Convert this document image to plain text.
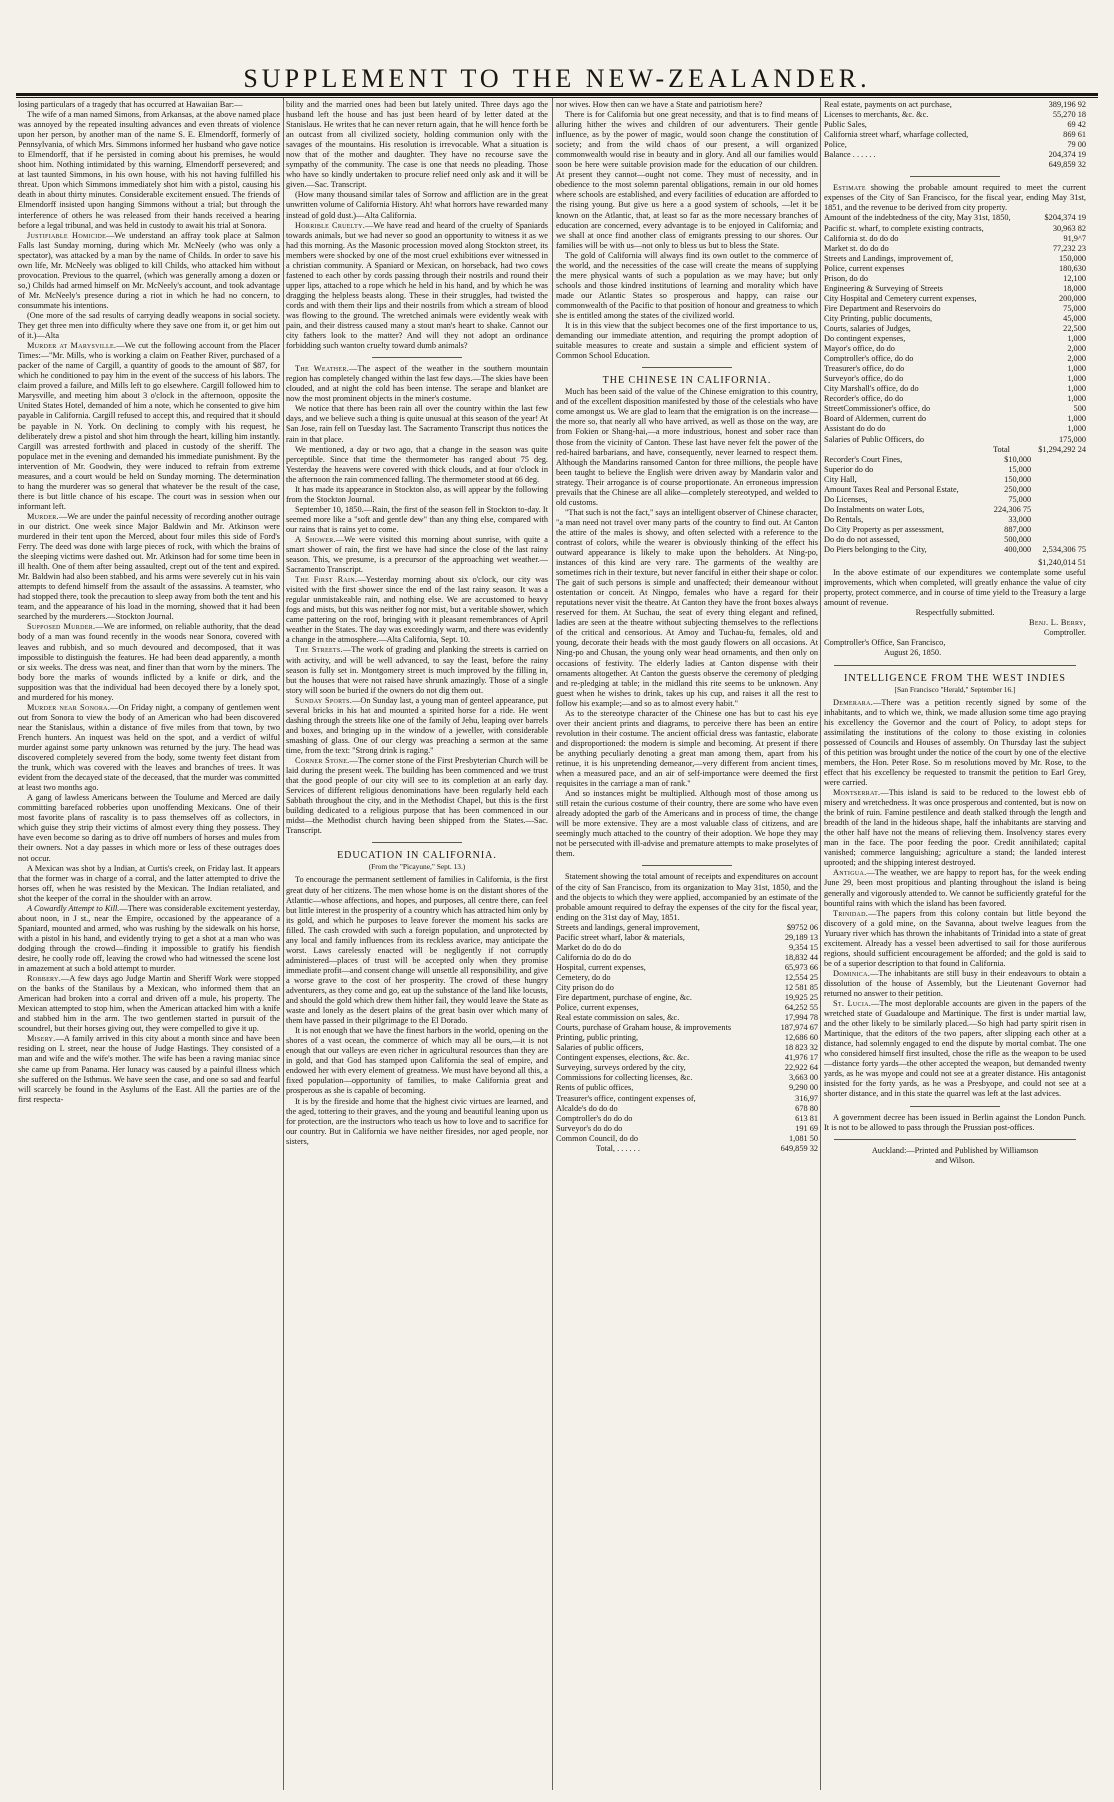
SUPPLEMENT TO THE NEW-ZEALANDER.

losing particulars of a tragedy that has occurred at Hawaiian Bar:—

The wife of a man named Simons, from Arkansas, at the above named place was annoyed by the repeated insulting advances and even threats of violence upon her person, by another man of the name S. E. Elmendorff, formerly of Pennsylvania, of which Mrs. Simmons informed her husband who gave notice to Elmendorff, that if he persisted in coming about his premises, he would shoot him. Nothing intimidated by this warning, Elmendorff persevered; and at last taunted Simmons, in his own house, with his not having fulfilled his threat. Upon which Simmons immediately shot him with a pistol, causing his death in about thirty minutes. Considerable excitement ensued. The friends of Elmendorff insisted upon hanging Simmons without a trial; but through the interference of others he was released from their hands received a hearing before a legal tribunal, and was held in custody to await his trial at Sonora.

Justifiable Homicide—We understand an affray took place at Salmon Falls last Sunday morning, during which Mr. McNeely (who was only a spectator), was attacked by a man by the name of Childs. In order to save his own life, Mr. McNeely was obliged to kill Childs, who attacked him without provocation. Previous to the quarrel, (which was generally among a dozen or so,) Childs had armed himself on Mr. McNeely's account, and took advantage of Mr. McNeely's presence during a riot in which he had no concern, to consummate his intentions.

(One more of the sad results of carrying deadly weapons in social society. They get three men into difficulty where they save one from it, or get him out of it.)—Alta

Murder at Marysville.—We cut the following account from the Placer Times:—"Mr. Mills, who is working a claim on Feather River, purchased of a packer of the name of Cargill, a quantity of goods to the amount of $87, for which he conditioned to pay him in the event of the success of his labors. The claim proved a failure, and Mills left to go elsewhere. Cargill followed him to Marysville, and meeting him about 3 o'clock in the afternoon, opposite the United States Hotel, demanded of him a note, which he consented to give him payable in California. Cargill refused to accept this, and required that it should be payable in N. York. On declining to comply with his request, he deliberately drew a pistol and shot him through the heart, killing him instantly. Cargill was arrested forthwith and placed in custody of the sheriff. The populace met in the evening and demanded his immediate punishment. By the intervention of Mr. Goodwin, they were induced to refrain from extreme measures, and a court would be held on Sunday morning. The determination to hang the murderer was so general that whatever be the result of the case, there is but little chance of his escape. The court was in session when our informant left.

Murder.—We are under the painful necessity of recording another outrage in our district. One week since Major Baldwin and Mr. Atkinson were murdered in their tent upon the Merced, about four miles this side of Ford's Ferry. The deed was done with large pieces of rock, with which the brains of the sleeping victims were dashed out. Mr. Atkinson had for some time been in ill health. One of them after being assaulted, crept out of the tent and expired. Mr. Baldwin had also been stabbed, and his arms were severely cut in his vain attempts to defend himself from the assault of the assassins. A teamster, who had stopped there, took the precaution to sleep away from both the tent and his team, and the appearance of his load in the morning, showed that it had been searched by the murderers.—Stockton Journal.

Supposed Murder.—We are informed, on reliable authority, that the dead body of a man was found recently in the woods near Sonora, covered with leaves and rubbish, and so much devoured and decomposed, that it was impossible to distinguish the features. He had been dead apparently, a month or six weeks. The dress was neat, and finer than that worn by the miners. The body bore the marks of wounds inflicted by a knife or dirk, and the supposition was that the individual had been decoyed there by a lonely spot, and murdered for his money.

Murder near Sonora.—On Friday night, a company of gentlemen went out from Sonora to view the body of an American who had been discovered near the Stanislaus, within a distance of five miles from that town, by two French hunters. An inquest was held on the spot, and a verdict of wilful murder against some party unknown was returned by the jury. The head was discovered completely severed from the body, some twenty feet distant from the trunk, which was covered with the leaves and branches of trees. It was evident from the decayed state of the deceased, that the murder was committed at least two months ago.

A gang of lawless Americans between the Toulume and Merced are daily committing barefaced robberies upon unoffending Mexicans. One of their most favorite plans of rascality is to pass themselves off as collectors, in which guise they strip their victims of almost every thing they possess. They have even become so daring as to drive off numbers of horses and mules from their owners. Not a day passes in which more or less of these outrages does not occur.

A Mexican was shot by a Indian, at Curtis's creek, on Friday last. It appears that the former was in charge of a corral, and the latter attempted to drive the horses off, when he was resisted by the Mexican. The Indian retaliated, and shot the keeper of the corral in the shoulder with an arrow.

A Cowardly Attempt to Kill.—There was considerable excitement yesterday, about noon, in J st., near the Empire, occasioned by the appearance of a Spaniard, mounted and armed, who was rushing by the sidewalk on his horse, with a pistol in his hand, and evidently trying to get a shot at a man who was dodging through the crowd—finding it impossible to gratify his fiendish desire, he coolly rode off, leaving the crowd who had witnessed the scene lost in amazement at such a bold attempt to murder.

Robbery.—A few days ago Judge Martin and Sheriff Work were stopped on the banks of the Stanilaus by a Mexican, who informed them that an American had broken into a corral and driven off a mule, his property. The Mexican attempted to stop him, when the American attacked him with a knife and stabbed him in the arm. The two gentlemen started in pursuit of the scoundrel, but their horses giving out, they were compelled to give it up.

Misery.—A family arrived in this city about a month since and have been residing on L street, near the house of Judge Hastings. They consisted of a man and wife and the wife's mother. The wife has been a raving maniac since she came up from Panama. Her lunacy was caused by a painful illness which she suffered on the Isthmus. We have seen the case, and one so sad and fearful will scarcely be found in the Asylums of the East. All the parties are of the first respecta-

bility and the married ones had been but lately united. Three days ago the husband left the house and has just been heard of by letter dated at the Stanislaus. He writes that he can never return again, that he will hence forth be an outcast from all civilized society, holding communion only with the savages of the mountains. His resolution is irrevocable. What a situation is now that of the mother and daughter. They have no recourse save the sympathy of the community. The case is one that needs no pleading. Those who have so kindly undertaken to procure relief need only ask and it will be given.—Sac. Transcript.

(How many thousand similar tales of Sorrow and affliction are in the great unwritten volume of California History. Ah! what horrors have rewarded many instead of gold dust.)—Alta California.

Horrible Cruelty.—We have read and heard of the cruelty of Spaniards towards animals, but we had never so good an opportunity to witness it as we had this morning. As the Masonic procession moved along Stockton street, its members were shocked by one of the most cruel exhibitions ever witnessed in a christian community. A Spaniard or Mexican, on horseback, had two cows fastened to each other by cords passing through their nostrils and round their upper lips, attached to a rope which he held in his hand, and by which he was dragging the helpless beasts along. These in their struggles, had twisted the cords and with them their lips and their nostrils from which a stream of blood was flowing to the ground. The wretched animals were evidently weak with pain, and their distress caused many a stout man's heart to shake. Cannot our city fathers look to the matter? And will they not adopt an ordinance forbidding such wanton cruelty toward dumb animals?

The Weather.—The aspect of the weather in the southern mountain region has completely changed within the last few days.—The skies have been clouded, and at night the cold has been intense. The serape and blanket are now the most prominent objects in the miner's costume.

We notice that there has been rain all over the country within the last few days, and we believe such a thing is quite unusual at this season of the year! At San Jose, rain fell on Tuesday last. The Sacramento Transcript thus notices the rain in that place.

We mentioned, a day or two ago, that a change in the season was quite perceptible. Since that time the thermometer has ranged about 75 deg. Yesterday the heavens were covered with thick clouds, and at four o'clock in the afternoon the rain commenced falling. The thermometer stood at 66 deg.

It has made its appearance in Stockton also, as will appear by the following from the Stockton Journal.

September 10, 1850.—Rain, the first of the season fell in Stockton to-day. It seemed more like a "soft and gentle dew" than any thing else, compared with our rains that is rains yet to come.

A Shower.—We were visited this morning about sunrise, with quite a smart shower of rain, the first we have had since the close of the last rainy season. This, we presume, is a precursor of the approaching wet weather.—Sacramento Transcript.

The First Rain.—Yesterday morning about six o'clock, our city was visited with the first shower since the end of the last rainy season. It was a regular unmistakeable rain, and nothing else. We are accustomed to heavy fogs and mists, but this was neither fog nor mist, but a veritable shower, which came pattering on the roof, bringing with it pleasant remembrances of April weather in the States. The day was exceedingly warm, and there was evidently a change in the atmosphere.—Alta California, Sept. 10.

The Streets.—The work of grading and planking the streets is carried on with activity, and will be well advanced, to say the least, before the rainy season is fully set in. Montgomery street is much improved by the filling in, but the houses that were not raised have shrunk amazingly. Those of a single story will soon be buried if the owners do not dig them out.

Sunday Sports.—On Sunday last, a young man of genteel appearance, put several bricks in his hat and mounted a spirited horse for a ride. He went dashing through the streets like one of the family of Jehu, leaping over barrels and boxes, and bringing up in the window of a jeweller, with considerable smashing of glass. One of our clergy was preaching a sermon at the same time, from the text: "Strong drink is raging."

Corner Stone.—The corner stone of the First Presbyterian Church will be laid during the present week. The building has been commenced and we trust that the good people of our city will see to its completion at an early day. Services of different religious denominations have been regularly held each Sabbath throughout the city, and in the Methodist Chapel, but this is the first building dedicated to a religious purpose that has been commenced in our midst—the Methodist church having been shipped from the States.—Sac. Transcript.

EDUCATION IN CALIFORNIA.
(From the "Picayune," Sept. 13.)

To encourage the permanent settlement of families in California, is the first great duty of her citizens. The men whose home is on the distant shores of the Atlantic—whose affections, and hopes, and purposes, all centre there, can feel but little interest in the prosperity of a country which has attracted him only by its gold, and which he purposes to leave forever the moment his sacks are filled. The cash crowded with such a foreign population, and unprotected by any local and family influences from its reckless avarice, may anticipate the worst. Laws carelessly enacted will be negligently if not corruptly administered—places of trust will be accepted only when they promise immediate profit—and consent change will unsettle all responsibility, and give a worse grave to the cost of her prosperity. The crowd of these hungry adventurers, as they come and go, eat up the substance of the land like locusts, and should the gold which drew them hither fail, they would leave the State as waste and lonely as the desert plains of the great basin over which many of them have passed in their pilgrimage to the El Dorado.

It is not enough that we have the finest harbors in the world, opening on the shores of a vast ocean, the commerce of which may all be ours,—it is not enough that our valleys are even richer in agricultural resources than they are in gold, and that God has stamped upon California the seal of empire, and endowed her with every element of greatness. We must have beyond all this, a fixed population—opportunity of families, to make California great and prosperous as she is capable of becoming.

It is by the fireside and home that the highest civic virtues are learned, and the aged, tottering to their graves, and the young and beautiful leaning upon us for protection, are the instructors who teach us how to love and to sacrifice for our country. But in California we have neither firesides, nor aged people, nor sisters,

nor wives. How then can we have a State and patriotism here?

There is for California but one great necessity, and that is to find means of alluring hither the wives and children of our adventurers. Their gentle influence, as by the power of magic, would soon change the constitution of society; and from the wild chaos of our present, a will organized commonwealth would rise in beauty and in glory. And all our families would soon be here were suitable provision made for the education of our children. At present they cannot—ought not come. They must of necessity, and in obedience to the most solemn parental obligations, remain in our old homes where schools are established, and every facilities of education are afforded to the rising young. But give us here a a good system of schools, —let it be known on the Atlantic, that, at least so far as the more necessary branches of education are concerned, every advantage is to be enjoyed in California; and we shall at once find another class of emigrants pressing to our shores. Our families will be with us—not only to bless us but to bless the State.

The gold of California will always find its own outlet to the commerce of the world, and the necessities of the case will create the means of supplying the mere physical wants of such a population as we may have; but only schools and those kindred institutions of learning and morality which have made our Atlantic States so prosperous and happy, can raise our commonwealth of the Pacific to that position of honour and greatness to which she is entitled among the states of the civilized world.

It is in this view that the subject becomes one of the first importance to us, demanding our immediate attention, and requiring the prompt adoption of suitable measures to create and sustain a simple and efficient system of Common School Education.

THE CHINESE IN CALIFORNIA.

Much has been said of the value of the Chinese emigration to this country, and of the excellent disposition manifested by those of the celestials who have come amongst us. We are glad to learn that the emigration is on the increase—the more so, that nearly all who have arrived, as well as those on the way, are from Fokien or Shang-hai,—a more industrious, honest and sober race than those from the vicinity of Canton. These last have never felt the power of the red-haired barbarians, and have, consequently, never learned to respect them. Although the Mandarins ransomed Canton for three millions, the people have been taught to believe the English were driven away by Mandarin valor and strategy. Their arrogance is of course proportionate. An erroneous impression prevails that the Chinese are all alike—completely stereotyped, and welded to old customs.

"That such is not the fact," says an intelligent observer of Chinese character, "a man need not travel over many parts of the country to find out. At Canton the attire of the males is showy, and often selected with a reference to the contrast of colors, while the wearer is obviously thinking of the effect his outward appearance is likely to make upon the beholders. At Ning-po, instances of this kind are very rare. The garments of the wealthy are sometimes rich in their texture, but never fanciful in either their shape or color. The gait of such persons is simple and unaffected; their demeanour without ostentation or conceit. At Ningpo, females who have a regard for their reputations never visit the theatre. At Canton they have the front boxes always reserved for them. At Suchau, the seat of every thing elegant and refined, ladies are seen at the theatre without subjecting themselves to the reflections of the critical and censorious. At Amoy and Tuchau-fu, females, old and young, decorate their heads with the most gaudy flowers on all occasions. At Ning-po and Chusan, the young only wear head ornaments, and then only on occasions of festivity. The elderly ladies at Canton dispense with their ornaments altogether. At Canton the guests observe the ceremony of pledging and re-pledging at table; in the midland this rite seems to be unknown. Any guest when he wishes to drink, takes up his cup, and raises it all the rest to follow his example;—and so as to almost every habit."

As to the stereotype character of the Chinese one has but to cast his eye over their ancient prints and diagrams, to perceive there has been an entire revolution in their costume. The ancient official dress was fantastic, elaborate and disproportioned: the modern is simple and becoming. At present if there be anything peculiarly denoting a great man among them, apart from his retinue, it is his unpretending demeanor,—very different from ancient times, when a measured pace, and an air of self-importance were deemed the first requisites in the carriage a man of rank."

And so instances might be multiplied. Although most of those among us still retain the curious costume of their country, there are some who have even already adopted the garb of the Americans and in process of time, the change will be more extensive. They are a most valuable class of citizens, and are seemingly much attached to the country of their adoption. We hope they may not be persecuted with ill-advise and premature attempts to make proselytes of them.

Statement showing the total amount of receipts and expenditures on account of the city of San Francisco, from its organization to May 31st, 1850, and the and the objects to which they were applied, accompanied by an estimate of the probable amount required to defray the expenses of the city for the fiscal year, ending on the 31st day of May, 1851.

Streets and landings, general improvement,	$9752 06
Pacific street wharf, labor & materials,	29,189 13
Market do do do do	9,354 15
California do do do do	18,832 44
Hospital, current expenses,	65,973 66
Cemetery, do do	12,554 25
City prison do do	12 581 85
Fire department, purchase of engine, &c.	19,925 25
Police, current expenses,	64,252 55
Real estate commission on sales, &c.	17,994 78
Courts, purchase of Graham house, & improvements	187,974 67
Printing, public printing,	12,686 60
Salaries of public officers,	18 823 32
Contingent expenses, elections, &c. &c.	41,976 17
Surveying, surveys ordered by the city,	22,922 64
Commissions for collecting licenses, &c.	3,663 00
Rents of public offices,	9,290 00
Treasurer's office, contingent expenses of,	316,97
Alcalde's do do do	678 80
Comptroller's do do do	613 81
Surveyor's do do do	191 69
Common Council, do do	1,081 50
Total, . . . . . .	649,859 32
Real estate, payments on act purchase,	389,196 92
Licenses to merchants, &c. &c.	55,270 18
Public Sales,	69 42
California street wharf, wharfage collected,	869 61
Police,	79 00
Balance . . . . . .	204,374 19
649,859 32

Estimate showing the probable amount required to meet the current expenses of the City of San Francisco, for the fiscal year, ending May 31st, 1851, and the revenue to be derived from city property.

Amount of the indebtedness of the city, May 31st, 1850,	$204,374 19
Pacific st. wharf, to complete existing contracts,	30,963 82
California st. do do do	91,9^7
Market st. do do do	77,232 23
Streets and Landings, improvement of,	150,000
Police, current expenses	180,630
Prison, do do	12,100
Engineering & Surveying of Streets	18,000
City Hospital and Cemetery current expenses,	200,000
Fire Department and Reservoirs do	75,000
City Printing, public documents,	45,000
Courts, salaries of Judges,	22,500
Do contingent expenses,	1,000
Mayor's office, do do	2,000
Comptroller's office, do do	2,000
Treasurer's office, do do	1,000
Surveyor's office, do do	1,000
City Marshall's office, do do	1,000
Recorder's office, do do	1,000
StreetCommissioner's office, do	500
Board of Aldermen, current do	1,000
Assistant do do do	1,000
Salaries of Public Officers, do	175,000
Total	$1,294,292 24
Recorder's Court Fines,	$10,000	
Superior do do	15,000	
City Hall,	150,000	
Amount Taxes Real and Personal Estate,	250,000	
Do Licenses,	75,000	
Do Instalments on water Lots,	224,306 75	
Do Rentals,	33,000	
Do City Property as per assessment,	887,000	
Do do do not assessed,	500,000	
Do Piers belonging to the City,	400,000	2,534,306 75
$1,240,014 51

In the above estimate of our expenditures we contemplate some useful improvements, which when completed, will greatly enhance the value of city property, protect commerce, and in course of time yield to the Treasury a large amount of revenue.

Respectfully submitted.
Benj. L. Berry,
Comptroller.
Comptroller's Office, San Francisco,
August 26, 1850.
INTELLIGENCE FROM THE WEST INDIES
[San Francisco "Herald," September 16.]

Demerara.—There was a petition recently signed by some of the inhabitants, and to which we, think, we made allusion some time ago praying his excellency the Governor and the court of Policy, to adopt steps for assimilating the institutions of the colony to those existing in colonies possessed of Councils and Houses of assembly. On Thursday last the subject of this petition was brought under the notice of the court by one of the elective members, the Hon. Peter Rose. So m resolutions moved by Mr. Rose, to the effect that his excellency be requested to transmit the petition to Earl Grey, were carried.

Montserrat.—This island is said to be reduced to the lowest ebb of misery and wretchedness. It was once prosperous and contented, but is now on the brink of ruin. Famine pestilence and death stalked through the length and breadth of the land in the hideous shape, half the inhabitants are starving and the other half have not the means of relieving them. Insolvency stares every man in the face. The poor feeding the poor. Credit annihilated; capital vanished; commerce languishing; agriculture a stand; the landed interest uprooted; and the shipping interest destroyed.

Antigua.—The weather, we are happy to report has, for the week ending June 29, been most propitious and planting throughout the island is being generally and vigorously attended to. We cannot be sufficiently grateful for the bountiful rains with which the island has been favored.

Trinidad.—The papers from this colony contain but little beyond the discovery of a gold mine, on the Savanna, about twelve leagues from the Yuruary river which has thrown the inhabitants of Trinidad into a state of great excitement. Already has a vessel been advertised to sail for those auriferous regions, should sufficient encouragement be afforded; and the gold is said to be of a superior description to that found in California.

Dominica.—The inhabitants are still busy in their endeavours to obtain a dissolution of the house of Assembly, but the Lieutenant Governor had returned no answer to their petition.

St. Lucia.—The most deplorable accounts are given in the papers of the wretched state of Guadaloupe and Martinique. The first is under martial law, and the other likely to be similarly placed.—So high had party spirit risen in Martinique, that the editors of the two papers, after slipping each other at a distance, had solemnly engaged to end the dispute by mortal combat. The one who considered himself first insulted, chose the rifle as the weapon to be used—distance forty yards—the other accepted the weapon, but demanded twenty yards, as he was myope and could not see at a greater distance. His antagonist insisted for the forty yards, as he was a Presbyope, and could not see at a shorter distance, and in this state the quarrel was left at the last advices.

A government decree has been issued in Berlin against the London Punch. It is not to be allowed to pass through the Prussian post-offices.

Auckland:—Printed and Published by Williamson
and Wilson.
